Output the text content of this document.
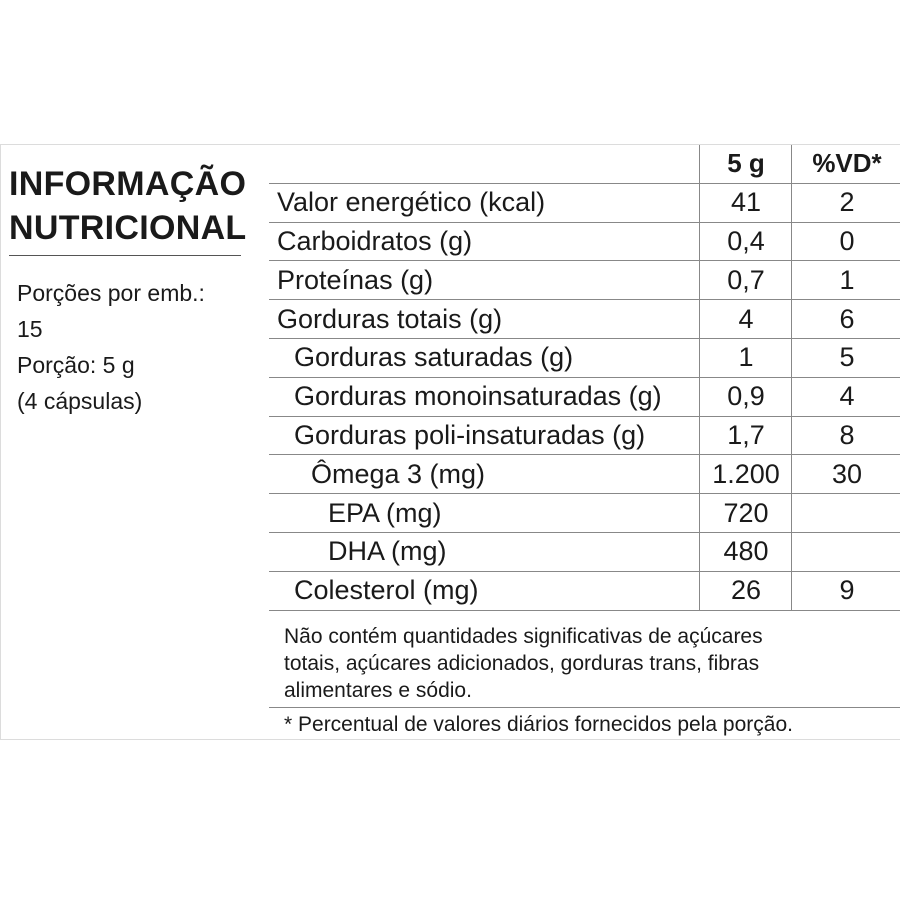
INFORMAÇÃO
NUTRICIONAL
Porções por emb.:
15
Porção: 5 g
(4 cápsulas)
5 g	%VD*
Valor energético (kcal)	41	2
Carboidratos (g)	0,4	0
Proteínas (g)	0,7	1
Gorduras totais (g)	4	6
Gorduras saturadas (g)	1	5
Gorduras monoinsaturadas (g)	0,9	4
Gorduras poli-insaturadas (g)	1,7	8
Ômega 3 (mg)	1.200	30
EPA (mg)	720
DHA (mg)	480
Colesterol (mg)	26	9
Não contém quantidades significativas de açúcares
totais, açúcares adicionados, gorduras trans, fibras
alimentares e sódio.
* Percentual de valores diários fornecidos pela porção.
